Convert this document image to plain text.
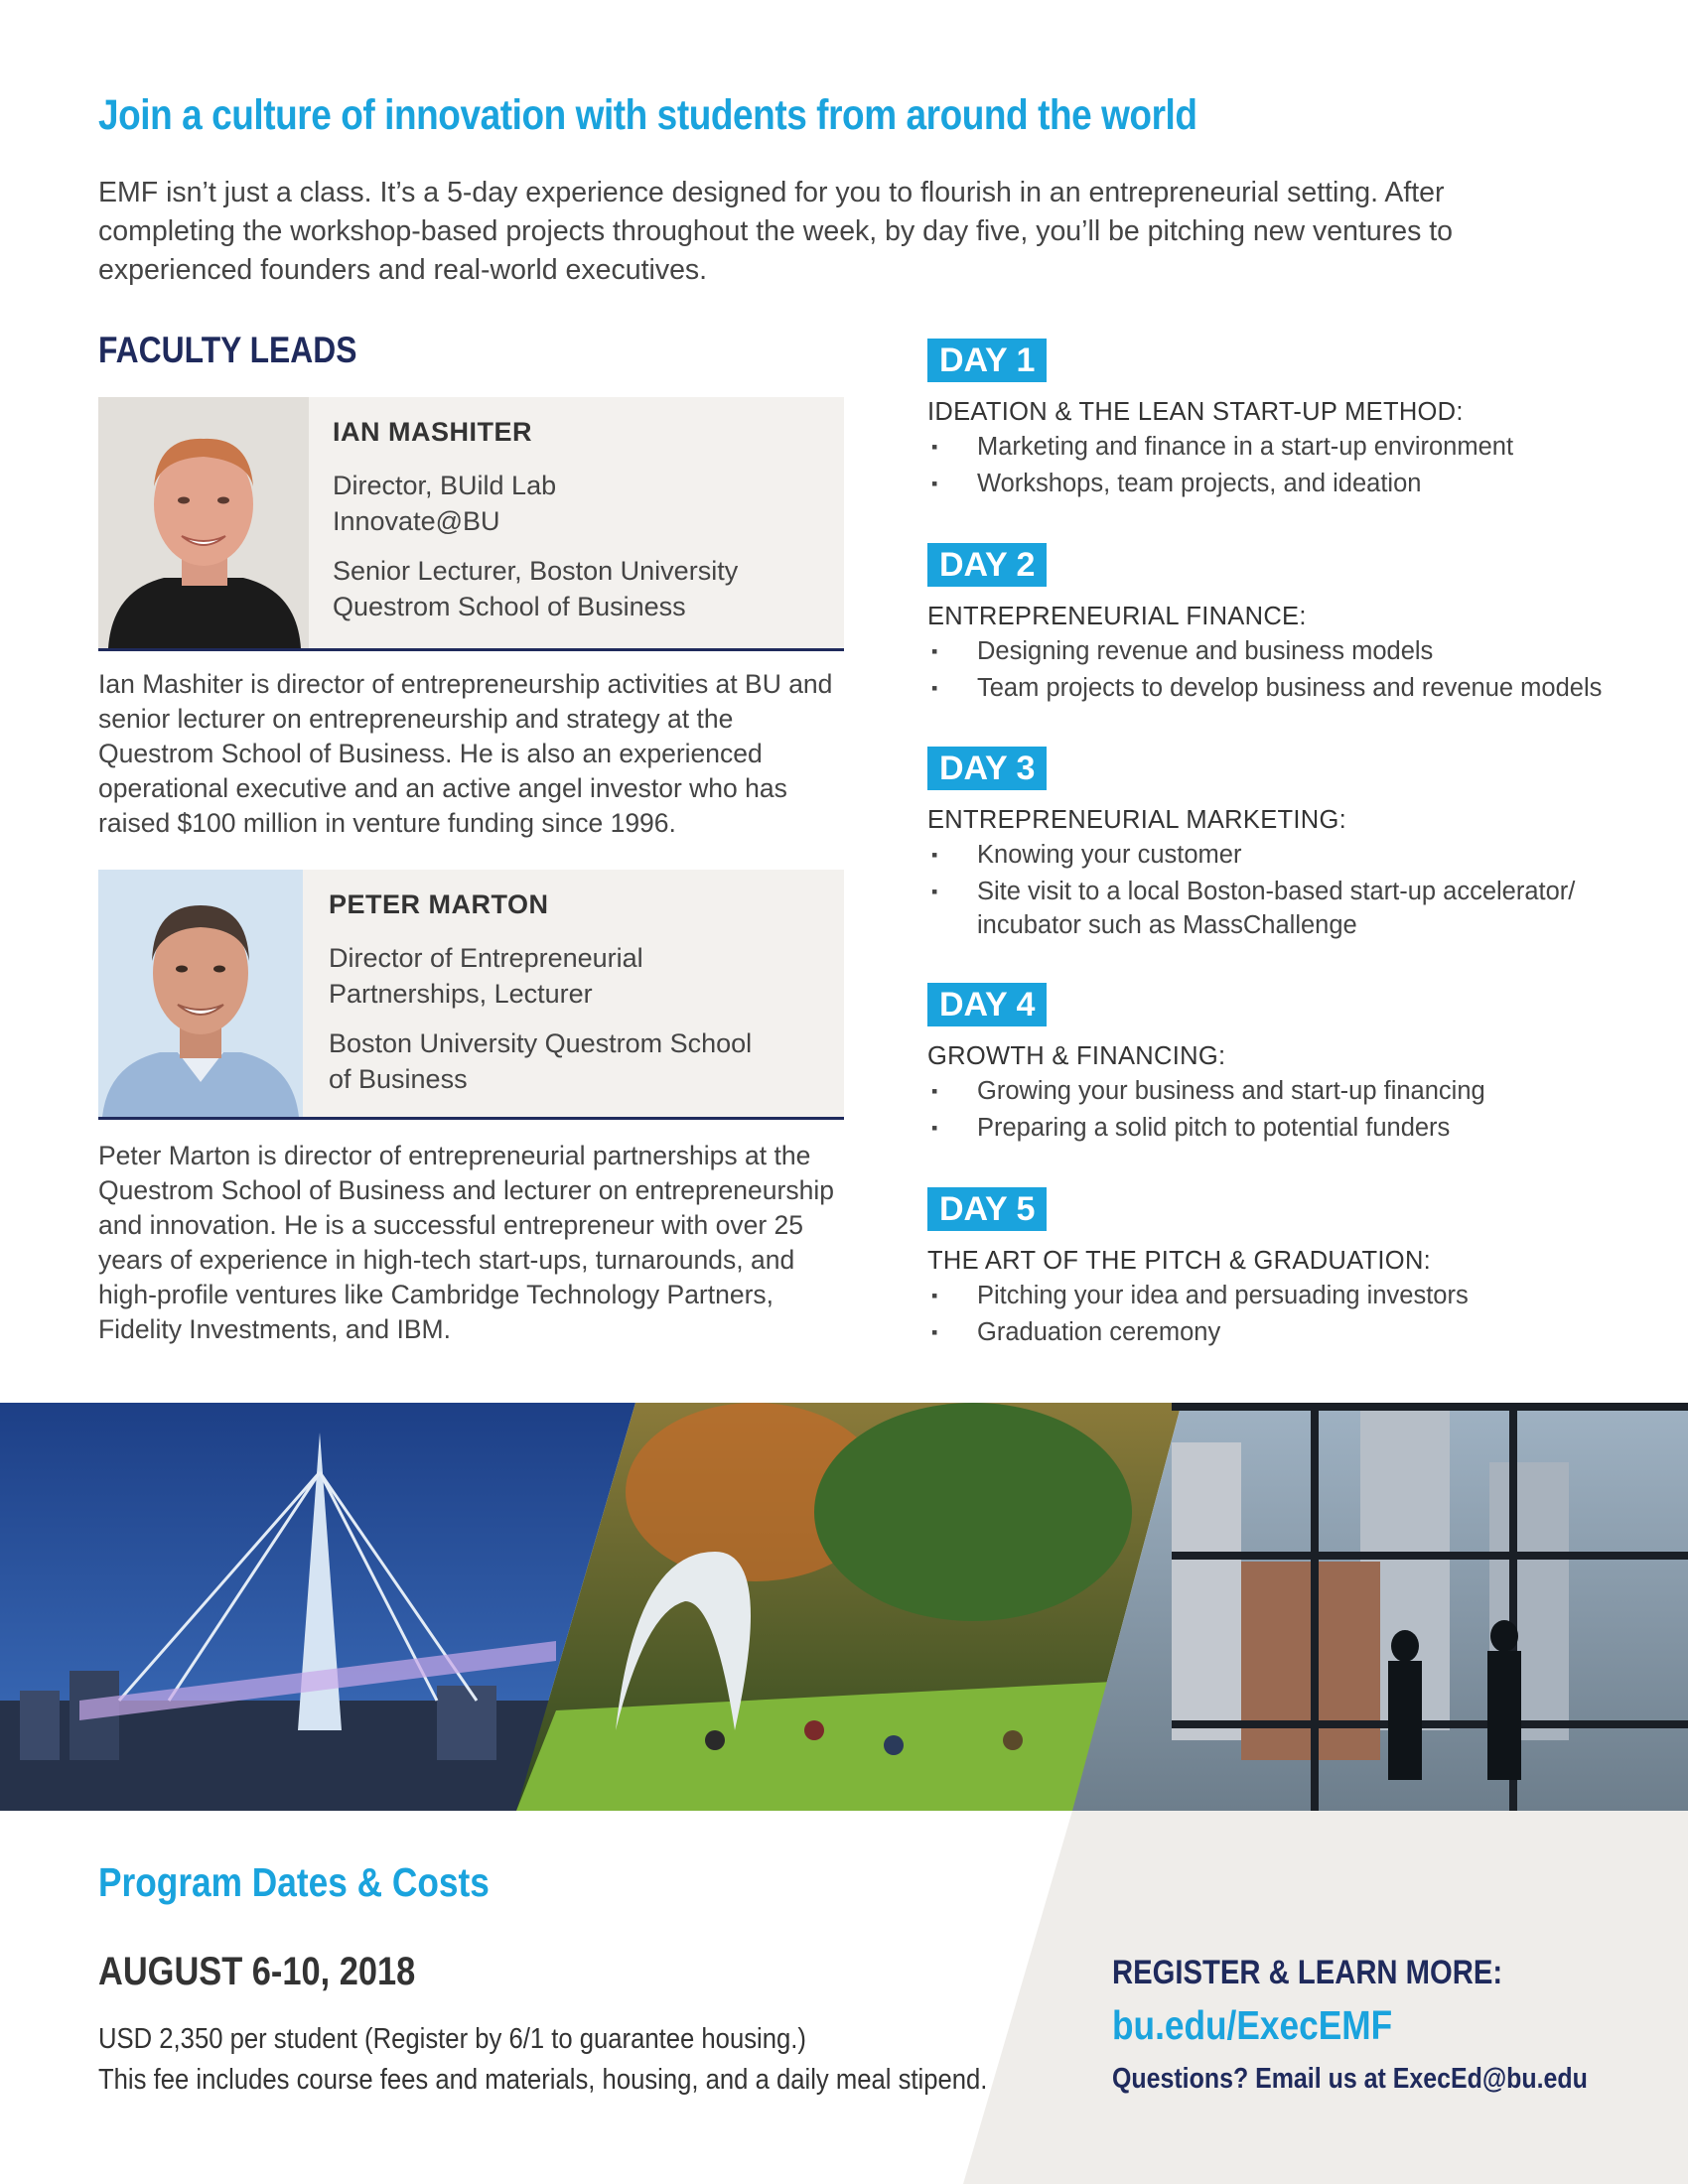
Join a culture of innovation with students from around the world

EMF isn’t just a class. It’s a 5-day experience designed for you to flourish in an entrepreneurial setting. After completing the workshop-based projects throughout the week, by day five, you’ll be pitching new ventures to experienced founders and real-world executives.

FACULTY LEADS

IAN MASHITER

Director, BUild Lab

Innovate@BU

Senior Lecturer, Boston University

Questrom School of Business

Ian Mashiter is director of entrepreneurship activities at BU and senior lecturer on entrepreneurship and strategy at the Questrom School of Business. He is also an experienced operational executive and an active angel investor who has raised $100 million in venture funding since 1996.

PETER MARTON

Director of Entrepreneurial

Partnerships, Lecturer

Boston University Questrom School

of Business

Peter Marton is director of entrepreneurial partnerships at the Questrom School of Business and lecturer on entrepreneurship and innovation. He is a successful entrepreneur with over 25 years of experience in high-tech start-ups, turnarounds, and high-profile ventures like Cambridge Technology Partners, Fidelity Investments, and IBM.

DAY 1

IDEATION & THE LEAN START-UP METHOD:

▪ Marketing and finance in a start-up environment
▪ Workshops, team projects, and ideation
DAY 2

ENTREPRENEURIAL FINANCE:

▪ Designing revenue and business models
▪ Team projects to develop business and revenue models
DAY 3

ENTREPRENEURIAL MARKETING:

▪ Knowing your customer
▪ Site visit to a local Boston-based start-up accelerator/ incubator such as MassChallenge
DAY 4

GROWTH & FINANCING:

▪ Growing your business and start-up financing
▪ Preparing a solid pitch to potential funders
DAY 5

THE ART OF THE PITCH & GRADUATION:

▪ Pitching your idea and persuading investors
▪ Graduation ceremony
Program Dates & Costs

AUGUST 6-10, 2018

USD 2,350 per student (Register by 6/1 to guarantee housing.)
This fee includes course fees and materials, housing, and a daily meal stipend.

REGISTER & LEARN MORE:

bu.edu/ExecEMF

Questions? Email us at ExecEd@bu.edu
